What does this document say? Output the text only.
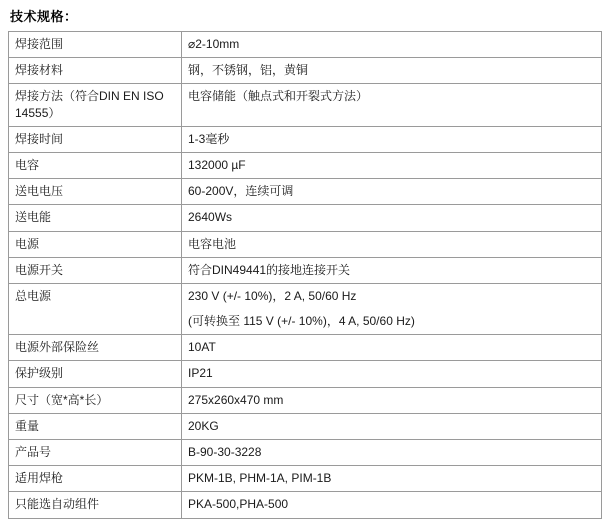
技术规格：
焊接范围	⌀2-10mm
焊接材料	钢，不锈钢，铝，黄铜
焊接方法（符合DIN EN ISO 14555）	电容储能（触点式和开裂式方法）
焊接时间	1-3毫秒
电容	132000 µF
送电电压	60-200V，连续可调
送电能	2640Ws
电源	电容电池
电源开关	符合DIN49441的接地连接开关
总电源	230 V (+/- 10%)，2 A, 50/60 Hz
(可转换至 115 V (+/- 10%)，4 A, 50/60 Hz)

电源外部保险丝	10AT
保护级别	IP21
尺寸（宽*高*长）	275x260x470 mm
重量	20KG
产品号	B-90-30-3228
适用焊枪	PKM-1B, PHM-1A, PIM-1B
只能选自动组件	PKA-500,PHA-500
